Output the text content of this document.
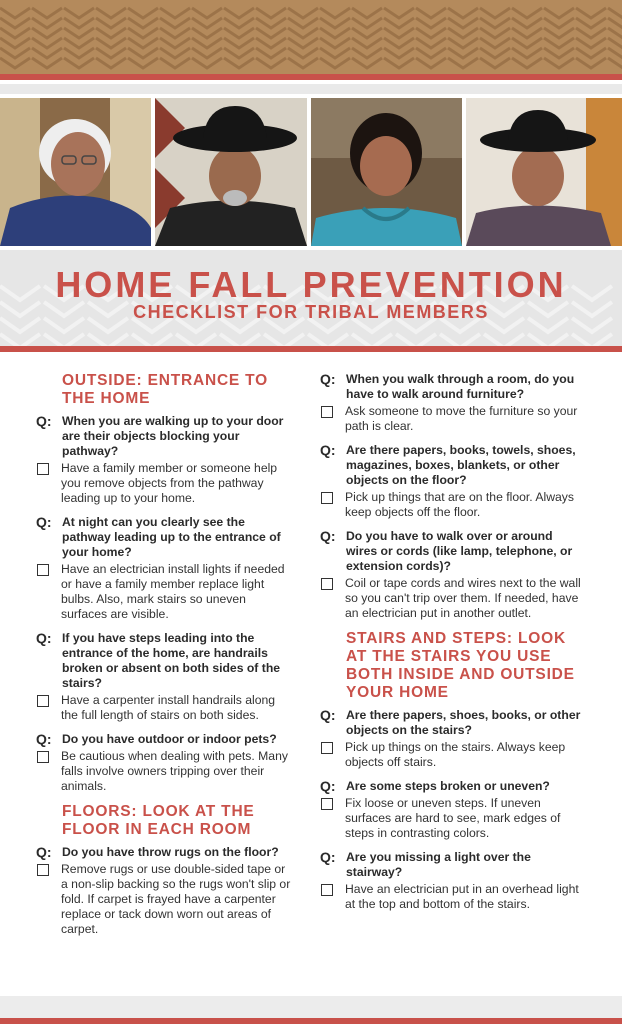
HOME FALL PREVENTION
CHECKLIST FOR TRIBAL MEMBERS
OUTSIDE: ENTRANCE TO THE HOME
Q: When you are walking up to your door are their objects blocking your pathway?
Have a family member or someone help you remove objects from the pathway leading up to your home.
Q: At night can you clearly see the pathway leading up to the entrance of your home?
Have an electrician install lights if needed or have a family member replace light bulbs. Also, mark stairs so uneven surfaces are visible.
Q: If you have steps leading into the entrance of the home, are handrails broken or absent on both sides of the stairs?
Have a carpenter install handrails along the full length of stairs on both sides.
Q: Do you have outdoor or indoor pets?
Be cautious when dealing with pets. Many falls involve owners tripping over their animals.
FLOORS: LOOK AT THE FLOOR IN EACH ROOM
Q: Do you have throw rugs on the floor?
Remove rugs or use double-sided tape or a non-slip backing so the rugs won't slip or fold. If carpet is frayed have a carpenter replace or tack down worn out areas of carpet.
Q: When you walk through a room, do you have to walk around furniture?
Ask someone to move the furniture so your path is clear.
Q: Are there papers, books, towels, shoes, magazines, boxes, blankets, or other objects on the floor?
Pick up things that are on the floor. Always keep objects off the floor.
Q: Do you have to walk over or around wires or cords (like lamp, telephone, or extension cords)?
Coil or tape cords and wires next to the wall so you can't trip over them. If needed, have an electrician put in another outlet.
STAIRS AND STEPS: LOOK AT THE STAIRS YOU USE BOTH INSIDE AND OUTSIDE YOUR HOME
Q: Are there papers, shoes, books, or other objects on the stairs?
Pick up things on the stairs. Always keep objects off stairs.
Q: Are some steps broken or uneven?
Fix loose or uneven steps. If uneven surfaces are hard to see, mark edges of steps in contrasting colors.
Q: Are you missing a light over the stairway?
Have an electrician put in an overhead light at the top and bottom of the stairs.
